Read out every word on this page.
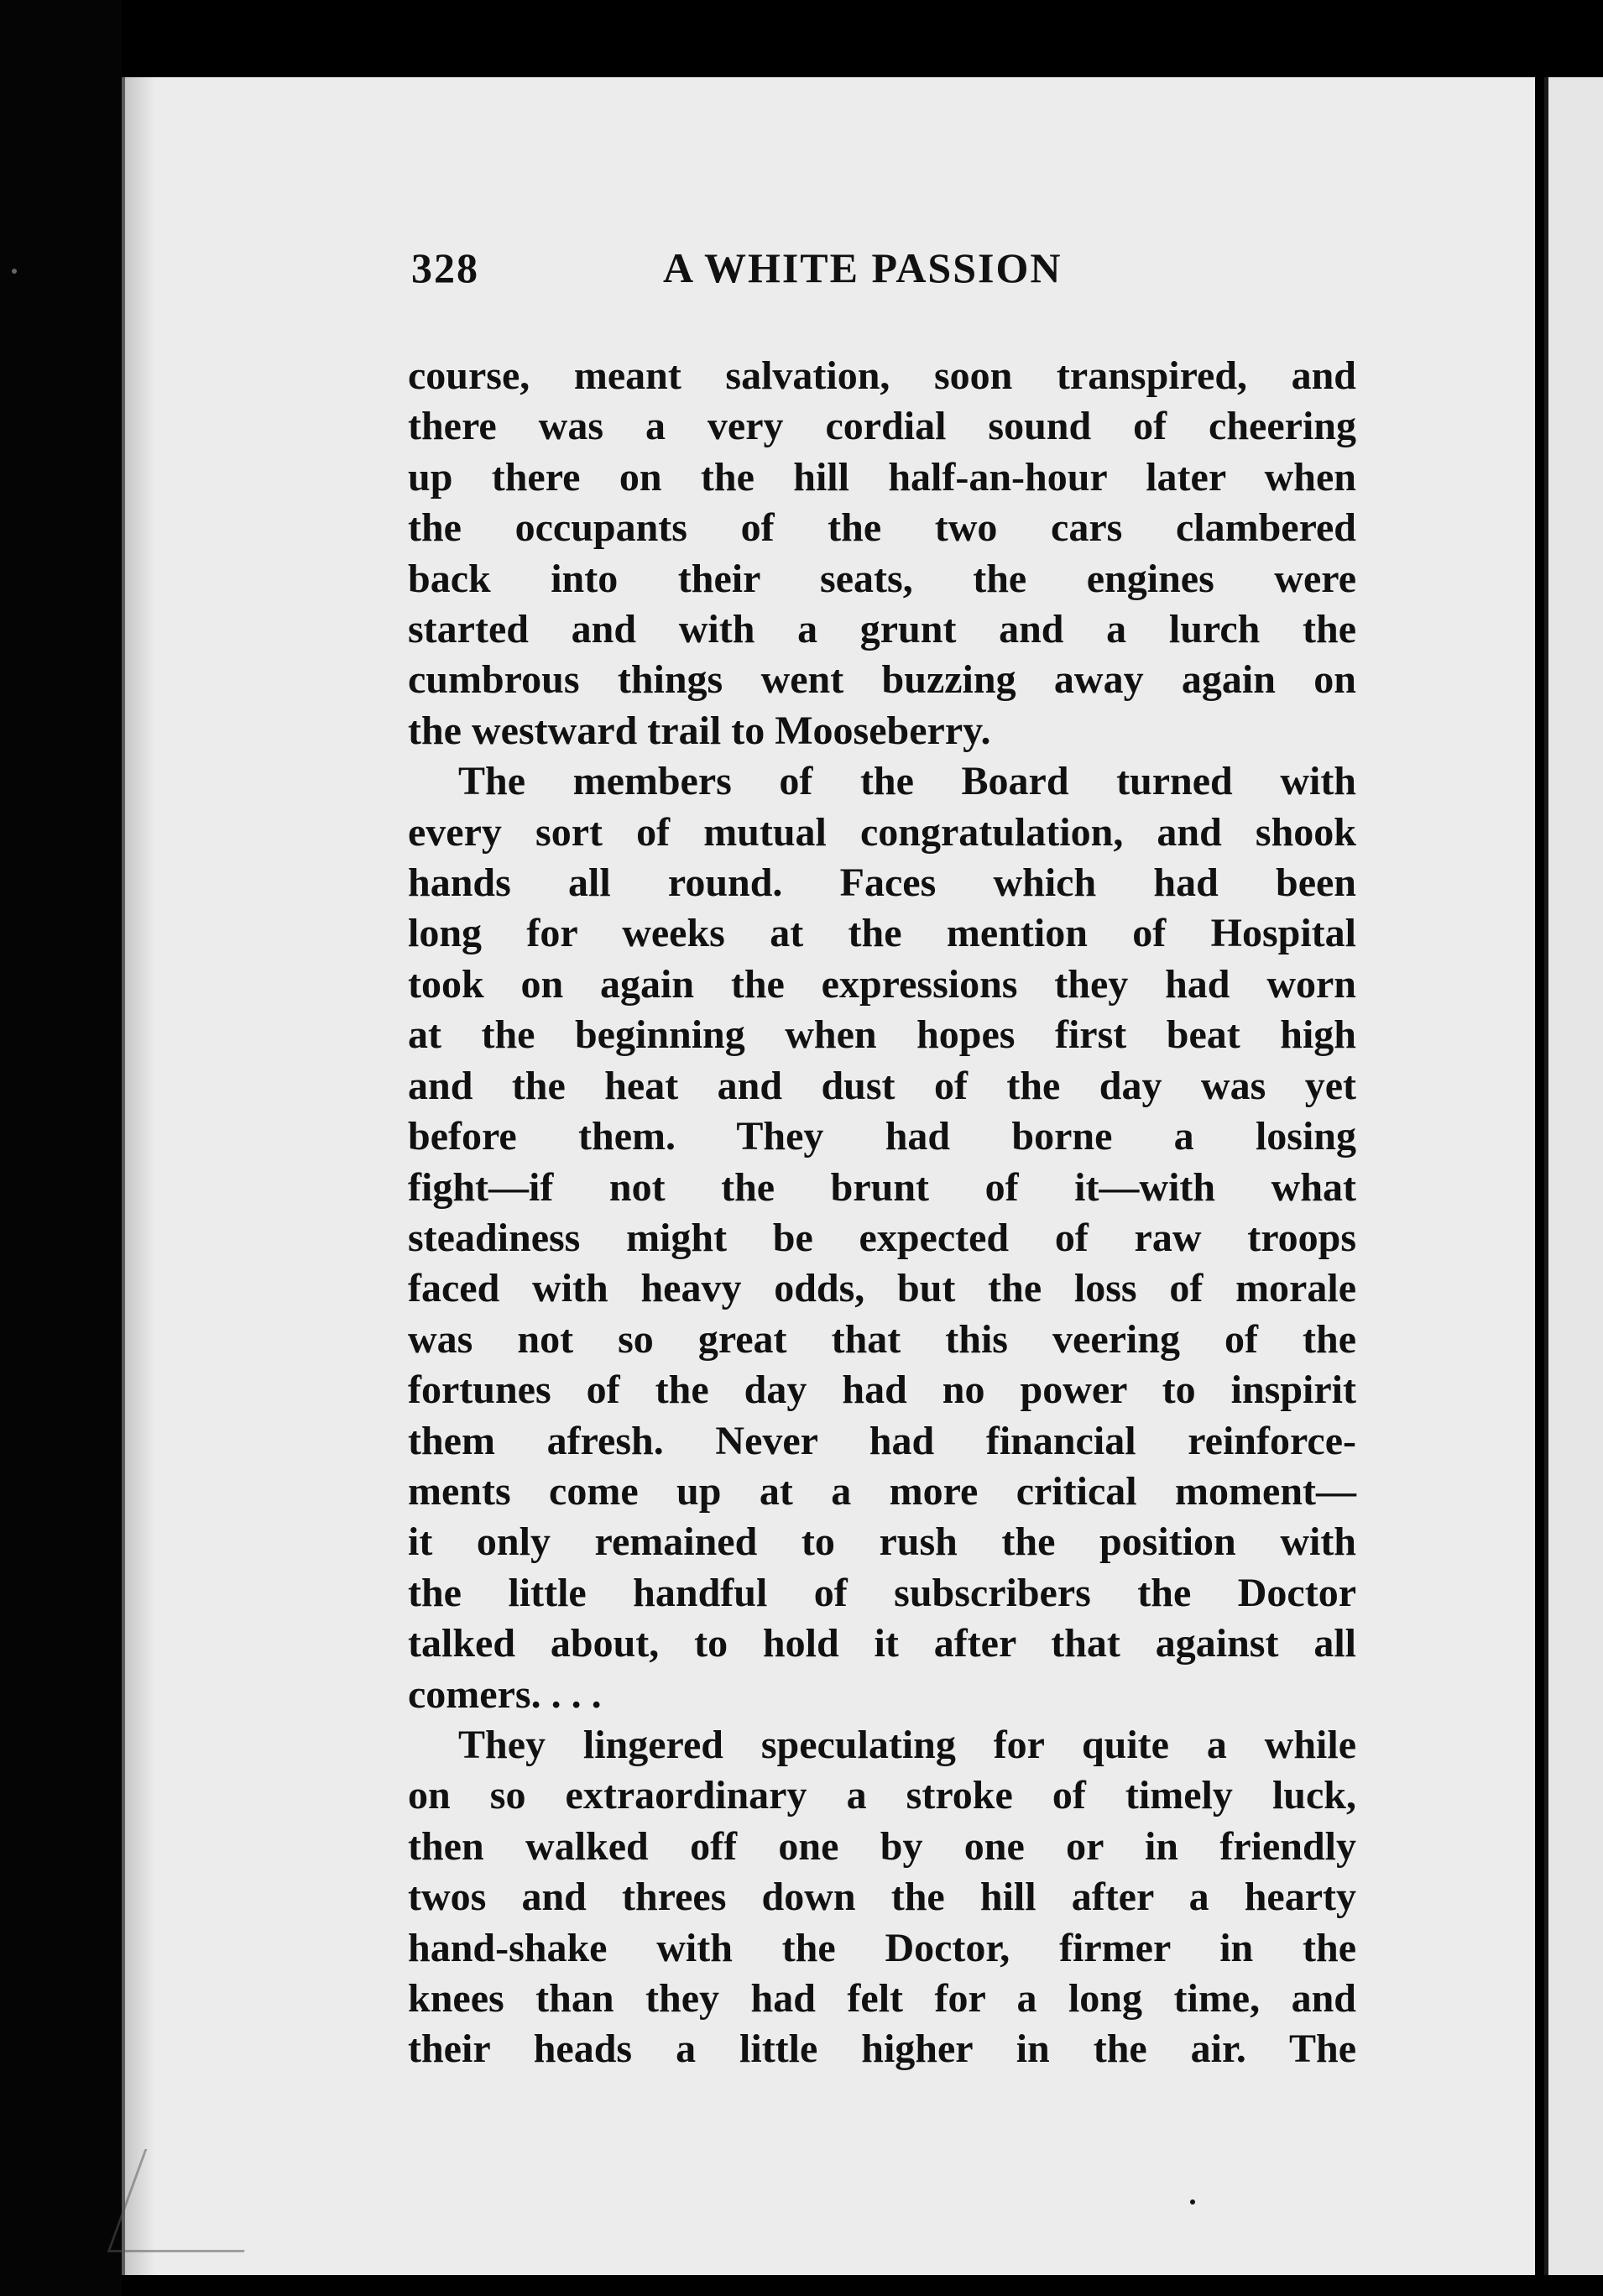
328	A WHITE PASSION
course, meant salvation, soon transpired, and
there was a very cordial sound of cheering
up there on the hill half-an-hour later when
the occupants of the two cars clambered
back into their seats, the engines were
started and with a grunt and a lurch the
cumbrous things went buzzing away again on
the westward trail to Mooseberry.
The members of the Board turned with
every sort of mutual congratulation, and shook
hands all round. Faces which had been
long for weeks at the mention of Hospital
took on again the expressions they had worn
at the beginning when hopes first beat high
and the heat and dust of the day was yet
before them. They had borne a losing
fight—if not the brunt of it—with what
steadiness might be expected of raw troops
faced with heavy odds, but the loss of morale
was not so great that this veering of the
fortunes of the day had no power to inspirit
them afresh. Never had financial reinforce-
ments come up at a more critical moment—
it only remained to rush the position with
the little handful of subscribers the Doctor
talked about, to hold it after that against all
comers. . . .
They lingered speculating for quite a while
on so extraordinary a stroke of timely luck,
then walked off one by one or in friendly
twos and threes down the hill after a hearty
hand-shake with the Doctor, firmer in the
knees than they had felt for a long time, and
their heads a little higher in the air. The
